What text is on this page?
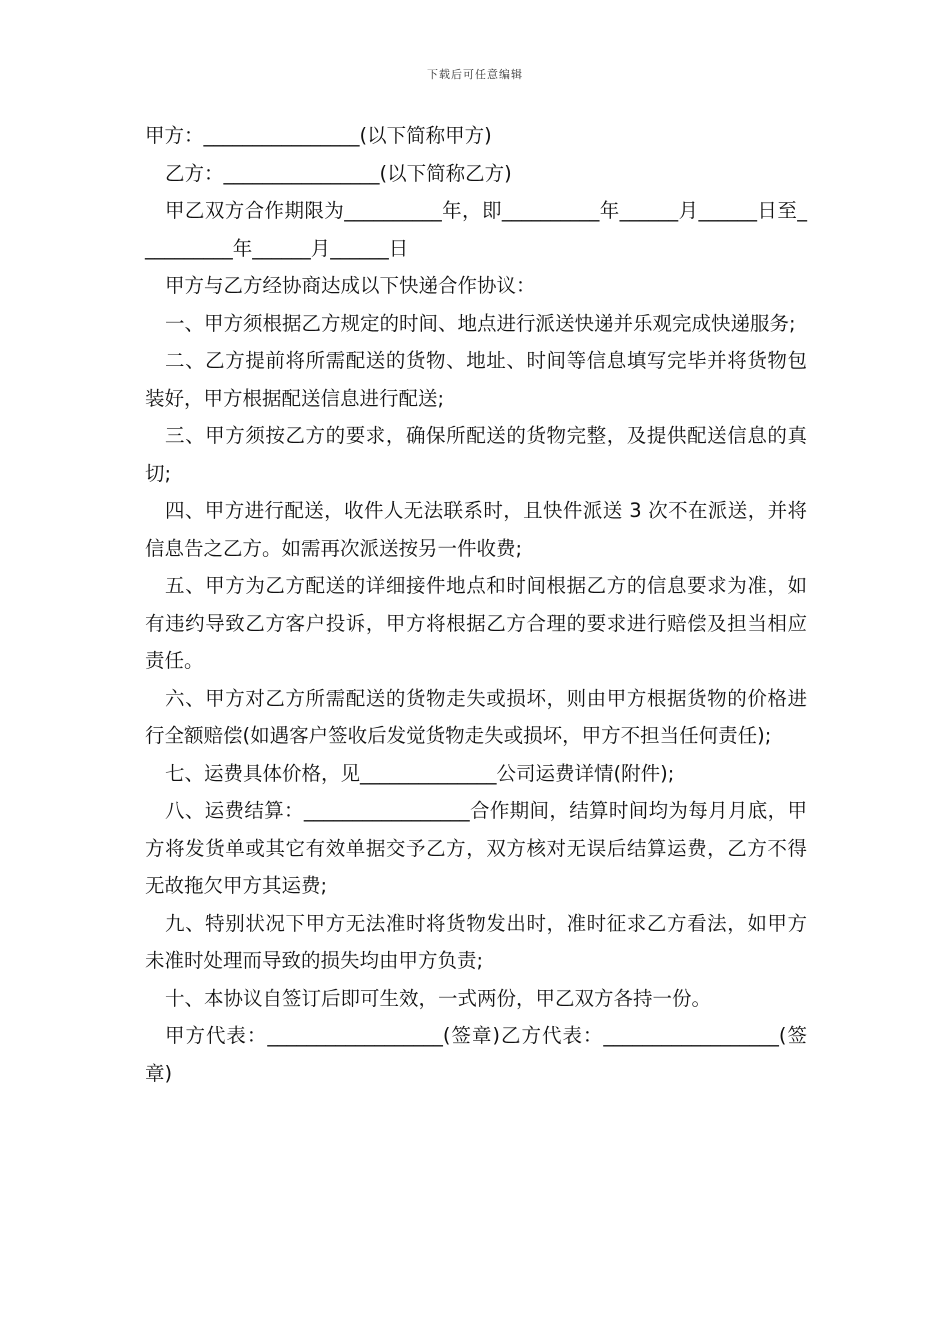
下载后可任意编辑

甲方：________________(以下简称甲方)

乙方：________________(以下简称乙方)

甲乙双方合作期限为__________年，即__________年______月______日至__________年______月______日

甲方与乙方经协商达成以下快递合作协议：

一、甲方须根据乙方规定的时间、地点进行派送快递并乐观完成快递服务;

二、乙方提前将所需配送的货物、地址、时间等信息填写完毕并将货物包装好，甲方根据配送信息进行配送;

三、甲方须按乙方的要求，确保所配送的货物完整，及提供配送信息的真切;

四、甲方进行配送，收件人无法联系时，且快件派送 3 次不在派送，并将信息告之乙方。如需再次派送按另一件收费;

五、甲方为乙方配送的详细接件地点和时间根据乙方的信息要求为准，如有违约导致乙方客户投诉，甲方将根据乙方合理的要求进行赔偿及担当相应责任。

六、甲方对乙方所需配送的货物走失或损坏，则由甲方根据货物的价格进行全额赔偿(如遇客户签收后发觉货物走失或损坏，甲方不担当任何责任);

七、运费具体价格，见______________公司运费详情(附件);

八、运费结算：_________________合作期间，结算时间均为每月月底，甲方将发货单或其它有效单据交予乙方，双方核对无误后结算运费，乙方不得无故拖欠甲方其运费;

九、特别状况下甲方无法准时将货物发出时，准时征求乙方看法，如甲方未准时处理而导致的损失均由甲方负责;

十、本协议自签订后即可生效，一式两份，甲乙双方各持一份。

甲方代表：__________________(签章)乙方代表：__________________(签章)
